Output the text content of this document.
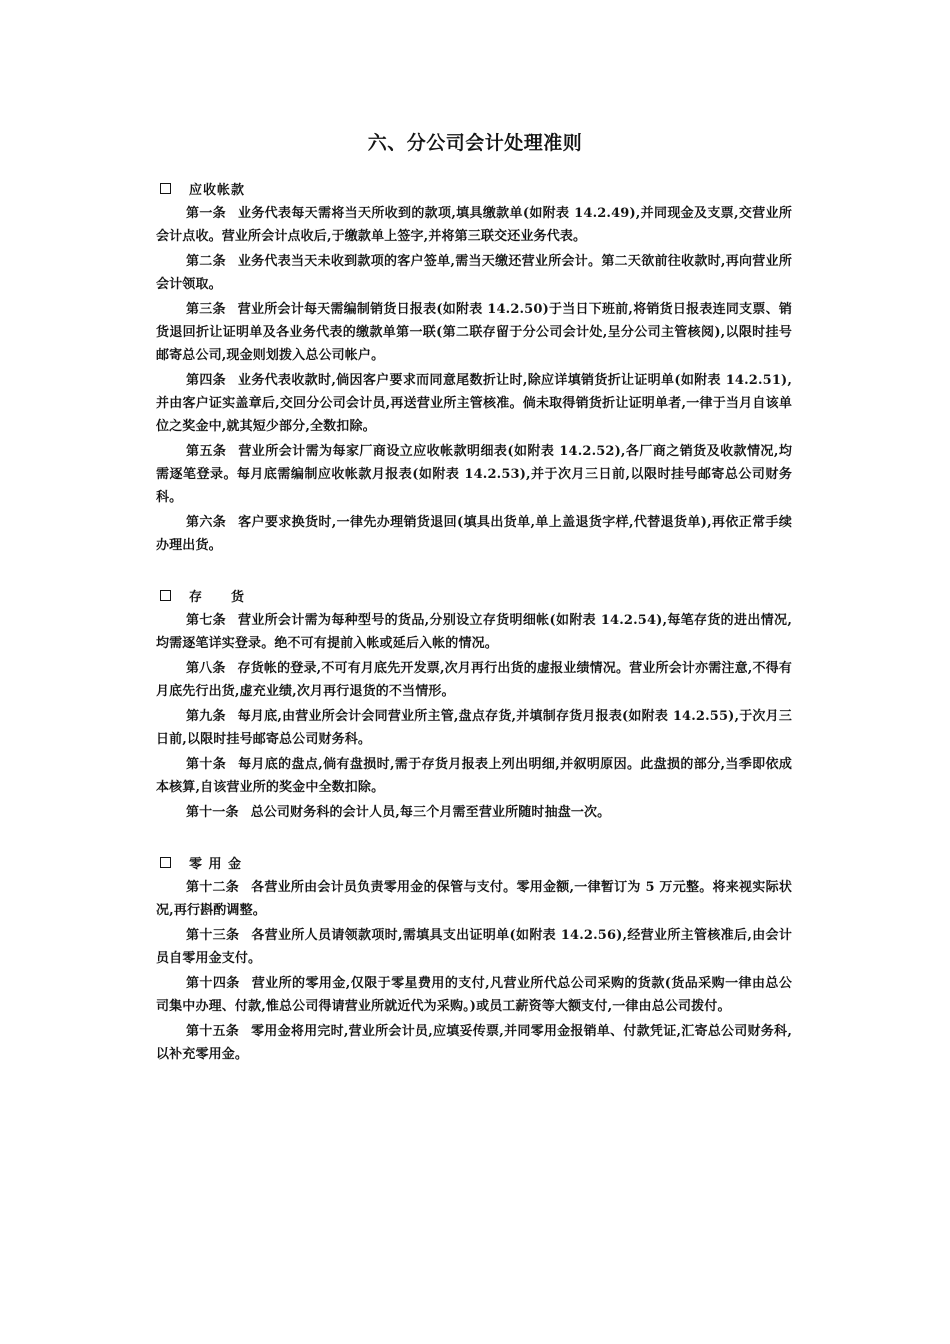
六、分公司会计处理准则
应收帐款

第一条 业务代表每天需将当天所收到的款项,填具缴款单(如附表 14.2.49),并同现金及支票,交营业所会计点收。营业所会计点收后,于缴款单上签字,并将第三联交还业务代表。

第二条 业务代表当天未收到款项的客户签单,需当天缴还营业所会计。第二天欲前往收款时,再向营业所会计领取。

第三条 营业所会计每天需编制销货日报表(如附表 14.2.50)于当日下班前,将销货日报表连同支票、销货退回折让证明单及各业务代表的缴款单第一联(第二联存留于分公司会计处,呈分公司主管核阅),以限时挂号邮寄总公司,现金则划拨入总公司帐户。

第四条 业务代表收款时,倘因客户要求而同意尾数折让时,除应详填销货折让证明单(如附表 14.2.51),并由客户证实盖章后,交回分公司会计员,再送营业所主管核准。倘未取得销货折让证明单者,一律于当月自该单位之奖金中,就其短少部分,全数扣除。

第五条 营业所会计需为每家厂商设立应收帐款明细表(如附表 14.2.52),各厂商之销货及收款情况,均需逐笔登录。每月底需编制应收帐款月报表(如附表 14.2.53),并于次月三日前,以限时挂号邮寄总公司财务科。

第六条 客户要求换货时,一律先办理销货退回(填具出货单,单上盖退货字样,代替退货单),再依正常手续办理出货。

存　　货

第七条 营业所会计需为每种型号的货品,分别设立存货明细帐(如附表 14.2.54),每笔存货的进出情况,均需逐笔详实登录。绝不可有提前入帐或延后入帐的情况。

第八条 存货帐的登录,不可有月底先开发票,次月再行出货的虚报业绩情况。营业所会计亦需注意,不得有月底先行出货,虚充业绩,次月再行退货的不当情形。

第九条 每月底,由营业所会计会同营业所主管,盘点存货,并填制存货月报表(如附表 14.2.55),于次月三日前,以限时挂号邮寄总公司财务科。

第十条 每月底的盘点,倘有盘损时,需于存货月报表上列出明细,并叙明原因。此盘损的部分,当季即依成本核算,自该营业所的奖金中全数扣除。

第十一条 总公司财务科的会计人员,每三个月需至营业所随时抽盘一次。

零 用 金

第十二条 各营业所由会计员负责零用金的保管与支付。零用金额,一律暂订为 5 万元整。将来视实际状况,再行斟酌调整。

第十三条 各营业所人员请领款项时,需填具支出证明单(如附表 14.2.56),经营业所主管核准后,由会计员自零用金支付。

第十四条 营业所的零用金,仅限于零星费用的支付,凡营业所代总公司采购的货款(货品采购一律由总公司集中办理、付款,惟总公司得请营业所就近代为采购。)或员工薪资等大额支付,一律由总公司拨付。

第十五条 零用金将用完时,营业所会计员,应填妥传票,并同零用金报销单、付款凭证,汇寄总公司财务科,以补充零用金。
